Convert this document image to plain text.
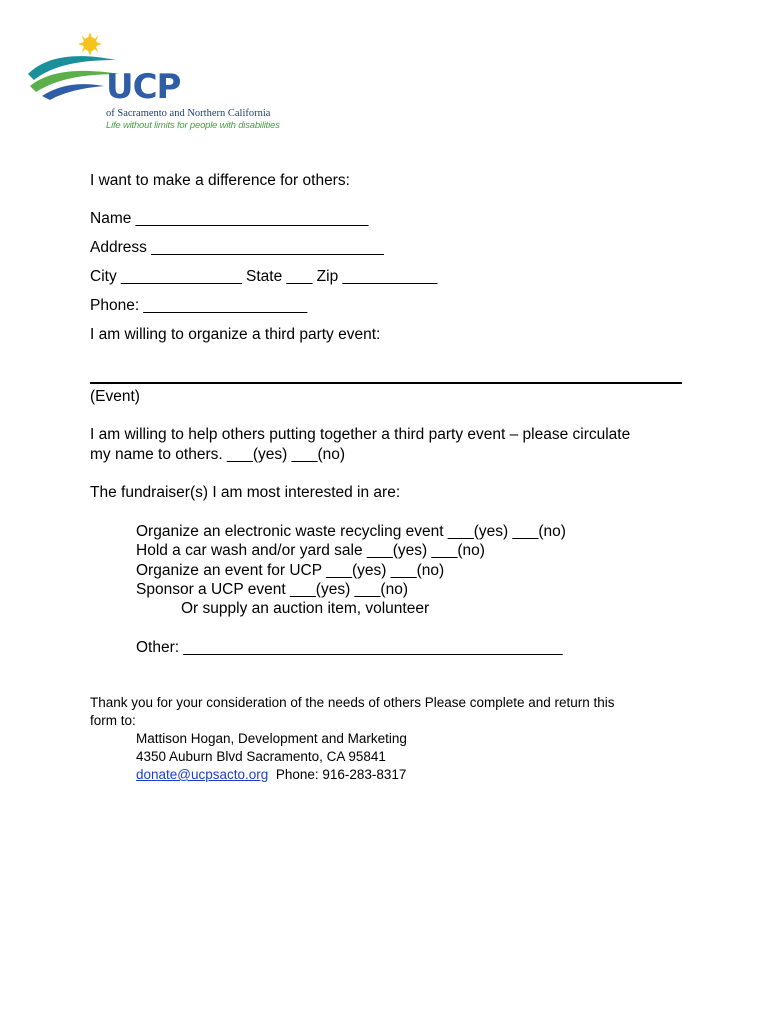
UCP
of Sacramento and Northern California
Life without limits for people with disabilities
I want to make a difference for others:
Name ___________________________
Address ___________________________
City ______________ State ___ Zip ___________
Phone: ___________________
I am willing to organize a third party event:
(Event)
I am willing to help others putting together a third party event – please circulate
my name to others. ___(yes) ___(no)
The fundraiser(s) I am most interested in are:
Organize an electronic waste recycling event ___(yes) ___(no)
Hold a car wash and/or yard sale ___(yes) ___(no)
Organize an event for UCP ___(yes) ___(no)
Sponsor a UCP event ___(yes) ___(no)
Or supply an auction item, volunteer
Other: ____________________________________________
Thank you for your consideration of the needs of others Please complete and return this
form to:
Mattison Hogan, Development and Marketing
4350 Auburn Blvd Sacramento, CA 95841
donate@ucpsacto.org Phone: 916-283-8317
